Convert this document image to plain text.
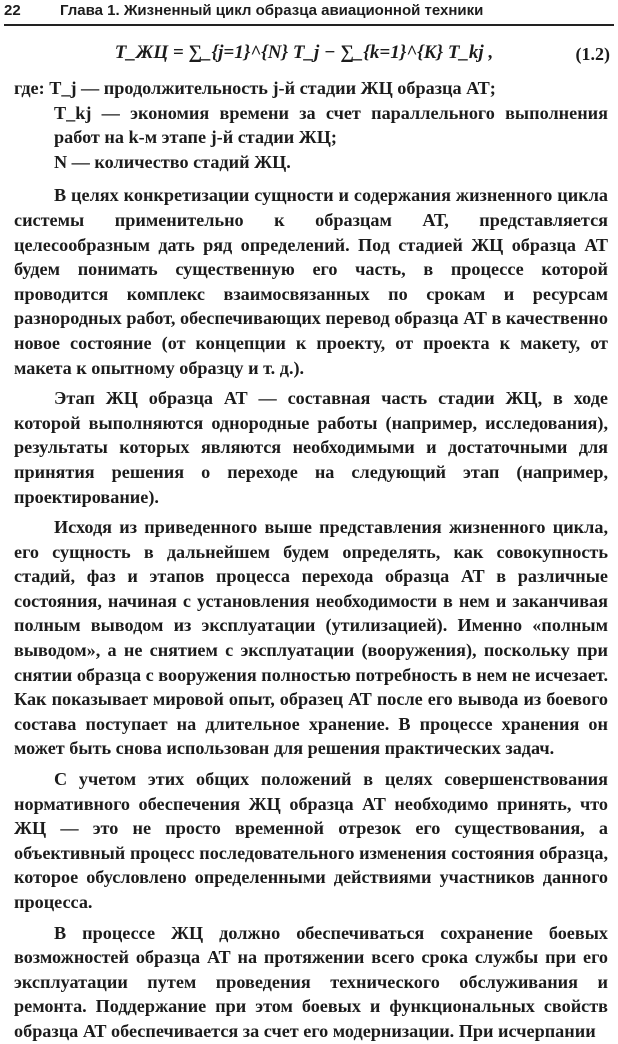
22	Глава 1. Жизненный цикл образца авиационной техники
T_ЖЦ = ∑_{j=1}^{N} T_j − ∑_{k=1}^{K} T_kj ,	(1.2)

где: T_j — продолжительность j-й стадии ЖЦ образца АТ;

T_kj — экономия времени за счет параллельного выполнения работ на k-м этапе j-й стадии ЖЦ;

N — количество стадий ЖЦ.

В целях конкретизации сущности и содержания жизненного цикла системы применительно к образцам АТ, представляется целесообразным дать ряд определений. Под стадией ЖЦ образца АТ будем понимать существенную его часть, в процессе которой проводится комплекс взаимосвязанных по срокам и ресурсам разнородных работ, обеспечивающих перевод образца АТ в качественно новое состояние (от концепции к проекту, от проекта к макету, от макета к опытному образцу и т. д.).

Этап ЖЦ образца АТ — составная часть стадии ЖЦ, в ходе которой выполняются однородные работы (например, исследования), результаты которых являются необходимыми и достаточными для принятия решения о переходе на следующий этап (например, проектирование).

Исходя из приведенного выше представления жизненного цикла, его сущность в дальнейшем будем определять, как совокупность стадий, фаз и этапов процесса перехода образца АТ в различные состояния, начиная с установления необходимости в нем и заканчивая полным выводом из эксплуатации (утилизацией). Именно «полным выводом», а не снятием с эксплуатации (вооружения), поскольку при снятии образца с вооружения полностью потребность в нем не исчезает. Как показывает мировой опыт, образец АТ после его вывода из боевого состава поступает на длительное хранение. В процессе хранения он может быть снова использован для решения практических задач.

С учетом этих общих положений в целях совершенствования нормативного обеспечения ЖЦ образца АТ необходимо принять, что ЖЦ — это не просто временной отрезок его существования, а объективный процесс последовательного изменения состояния образца, которое обусловлено определенными действиями участников данного процесса.

В процессе ЖЦ должно обеспечиваться сохранение боевых возможностей образца АТ на протяжении всего срока службы при его эксплуатации путем проведения технического обслуживания и ремонта. Поддержание при этом боевых и функциональных свойств образца АТ обеспечивается за счет его модернизации. При исчерпании
